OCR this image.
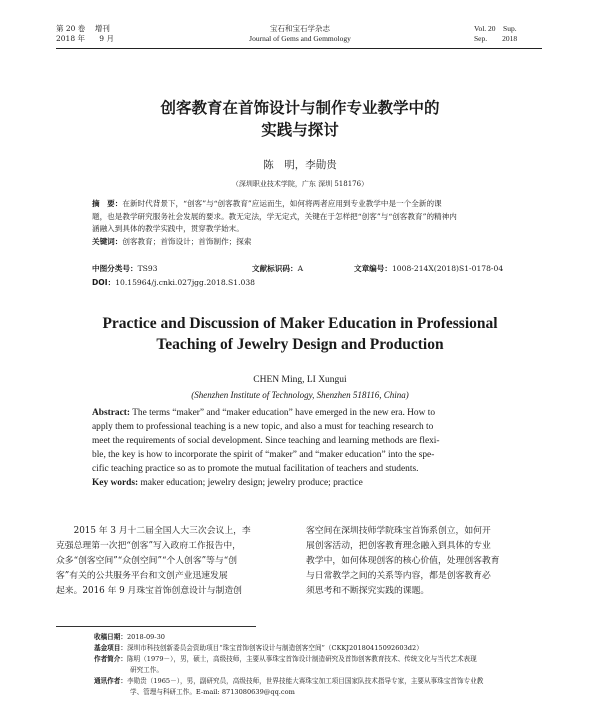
第 20 卷 增刊
2018 年 9 月
宝石和宝石学杂志
Journal of Gems and Gemmology
Vol. 20 Sup.
Sep. 2018
创客教育在首饰设计与制作专业教学中的
实践与探讨
陈　明，李勋贵
（深圳职业技术学院，广东 深圳 518176）
摘　要：在新时代背景下，“创客”与“创客教育”应运而生，如何将两者应用到专业教学中是一个全新的课
题，也是教学研究服务社会发展的要求。教无定法，学无定式，关键在于怎样把“创客”与“创客教育”的精神内
涵融入到具体的教学实践中，贯穿教学始末。
关键词：创客教育；首饰设计；首饰制作；探索
中图分类号：TS93	文献标识码：A	文章编号：1008-214X(2018)S1-0178-04
DOI：10.15964/j.cnki.027jgg.2018.S1.038
Practice and Discussion of Maker Education in Professional
Teaching of Jewelry Design and Production
CHEN Ming, LI Xungui
(Shenzhen Institute of Technology, Shenzhen 518116, China)
Abstract: The terms “maker” and “maker education” have emerged in the new era. How to
apply them to professional teaching is a new topic, and also a must for teaching research to
meet the requirements of social development. Since teaching and learning methods are flexi-
ble, the key is how to incorporate the spirit of “maker” and “maker education” into the spe-
cific teaching practice so as to promote the mutual facilitation of teachers and students.
Key words: maker education; jewelry design; jewelry produce; practice
　　2015 年 3 月十二届全国人大三次会议上，李
克强总理第一次把“创客”写入政府工作报告中，
众多“创客空间”“众创空间”“个人创客”等与“创
客”有关的公共服务平台和文创产业迅速发展
起来。2016 年 9 月珠宝首饰创意设计与制造创
客空间在深圳技师学院珠宝首饰系创立，如何开
展创客活动，把创客教育理念融入到具体的专业
教学中，如何体现创客的核心价值，处理创客教育
与日常教学之间的关系等内容，都是创客教育必
须思考和不断探究实践的课题。
收稿日期：2018-09-30
基金项目：深圳市科技创新委员会资助项目“珠宝首饰创客设计与制造创客空间”（CKKJ20180415092603d2）
作者简介：陈明（1979－），男，硕士，高级技师，主要从事珠宝首饰设计制造研究及首饰创客教育技术、传统文化与当代艺术表现
研究工作。
通讯作者：李勋贵（1965－），男，副研究员，高级技师，世界技能大赛珠宝加工项目国家队技术指导专家，主要从事珠宝首饰专业教
学、管理与科研工作。E-mail: 8713080639@qq.com
